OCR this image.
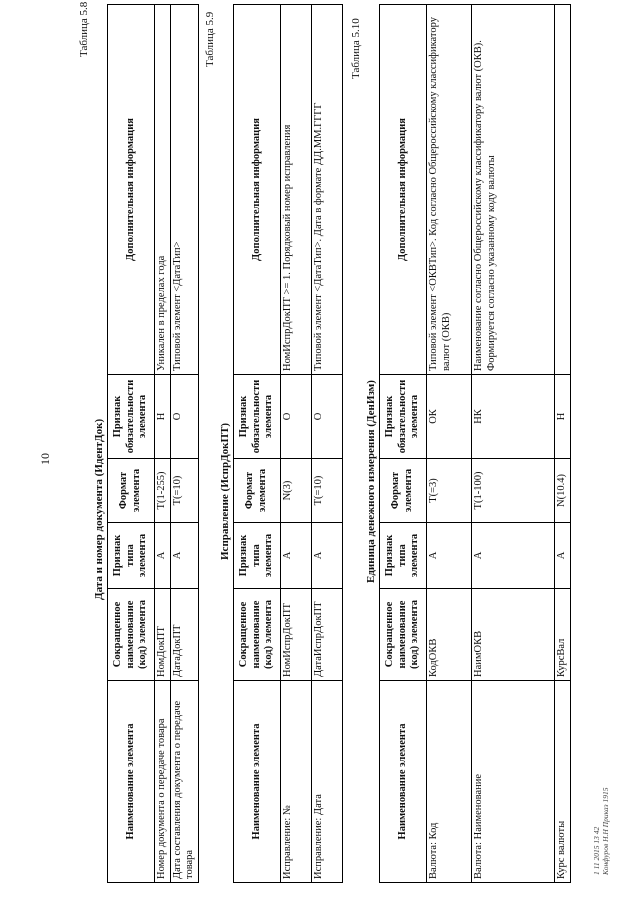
10
Таблица 5.8
Дата и номер документа (ИдентДок)
Наименование элемента	Сокращенное наименование (код) элемента	Признак типа элемента	Формат элемента	Признак обязательности элемента	Дополнительная информация
Номер документа о передаче товара	НомДокПТ	А	Т(1-255)	Н	Уникален в пределах года
Дата составления документа о передаче товара	ДатаДокПТ	А	Т(=10)	О	Типовой элемент <ДатаТип>
Таблица 5.9
Исправление (ИспрДокПТ)
Наименование элемента	Сокращенное наименование (код) элемента	Признак типа элемента	Формат элемента	Признак обязательности элемента	Дополнительная информация
Исправление: №	НомИспрДокПТ	А	N(3)	О	НомИспрДокПТ >= 1. Порядковый номер исправления
Исправление: Дата	ДатаИспрДокПТ	А	Т(=10)	О	Типовой элемент <ДатаТип>. Дата в формате ДД.ММ.ГГГГ
Таблица 5.10
Единица денежного измерения (ДенИзм)
Наименование элемента	Сокращенное наименование (код) элемента	Признак типа элемента	Формат элемента	Признак обязательности элемента	Дополнительная информация
Валюта: Код	КодОКВ	А	Т(=3)	ОК	Типовой элемент <ОКВТип>. Код согласно Общероссийскому классификатору валют (ОКВ)
Валюта: Наименование	НаимОКВ	А	Т(1-100)	НК	Наименование согласно Общероссийскому классификатору валют (ОКВ). Формируется согласно указанному коду валюты
Курс валюты	КурсВал	А	N(10.4)	Н	
1 11 2015 13 42 Конфуров Н.Н Приказ 1915
